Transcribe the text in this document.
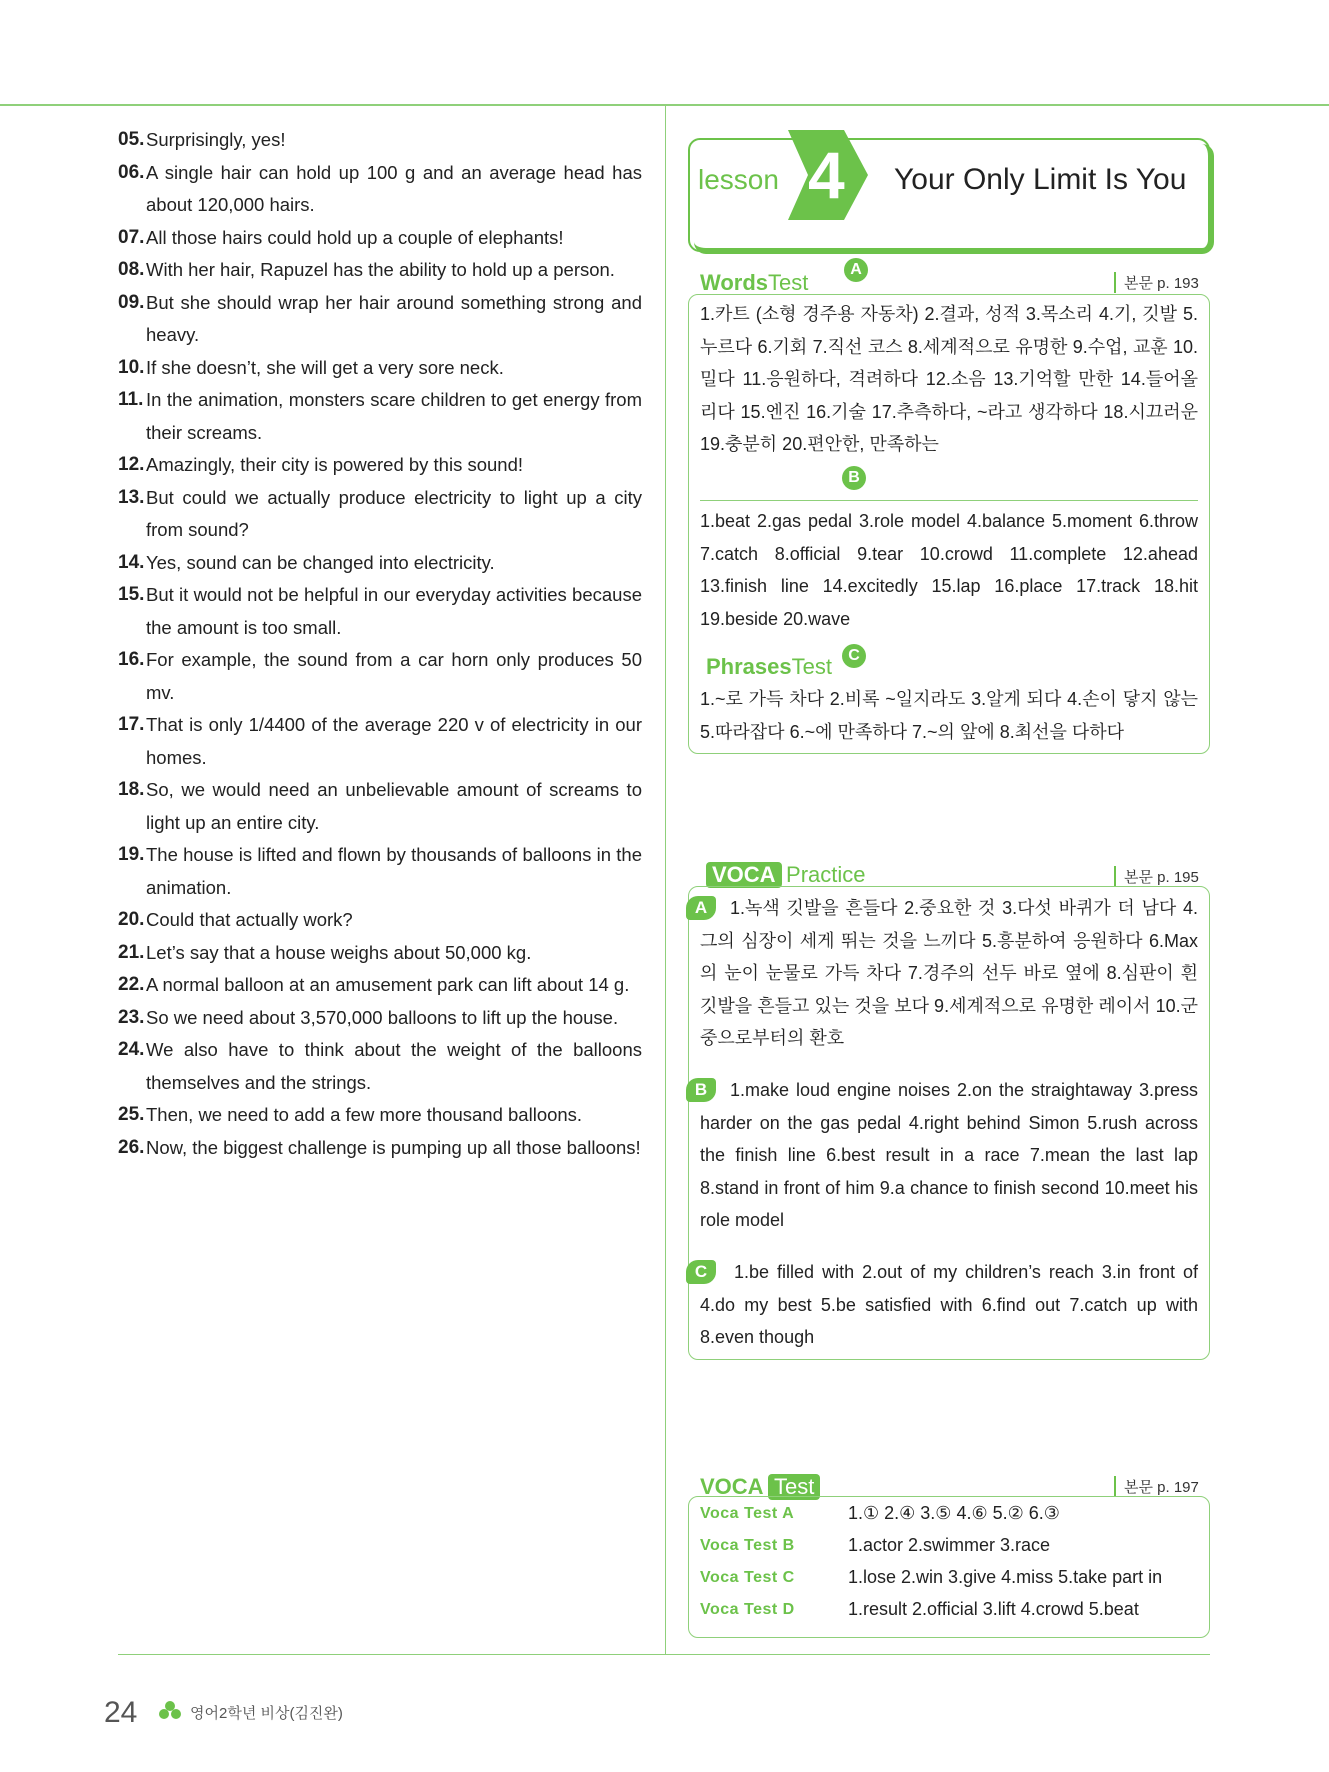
05. Surprisingly, yes!
06. A single hair can hold up 100 g and an average head has about 120,000 hairs.
07. All those hairs could hold up a couple of elephants!
08. With her hair, Rapuzel has the ability to hold up a person.
09. But she should wrap her hair around something strong and heavy.
10. If she doesn’t, she will get a very sore neck.
11. In the animation, monsters scare children to get energy from their screams.
12. Amazingly, their city is powered by this sound!
13. But could we actually produce electricity to light up a city from sound?
14. Yes, sound can be changed into electricity.
15. But it would not be helpful in our everyday activities because the amount is too small.
16. For example, the sound from a car horn only produces 50 mv.
17. That is only 1/4400 of the average 220 v of electricity in our homes.
18. So, we would need an unbelievable amount of screams to light up an entire city.
19. The house is lifted and flown by thousands of balloons in the animation.
20. Could that actually work?
21. Let’s say that a house weighs about 50,000 kg.
22. A normal balloon at an amusement park can lift about 14 g.
23. So we need about 3,570,000 balloons to lift up the house.
24. We also have to think about the weight of the balloons themselves and the strings.
25. Then, we need to add a few more thousand balloons.
26. Now, the biggest challenge is pumping up all those balloons!
lesson 4 Your Only Limit Is You
WordsTest
A
본문 p. 193
1.카트 (소형 경주용 자동차) 2.결과, 성적 3.목소리 4.기, 깃발 5.누르다 6.기회 7.직선 코스 8.세계적으로 유명한 9.수업, 교훈 10.밀다 11.응원하다, 격려하다 12.소음 13.기억할 만한 14.들어올리다 15.엔진 16.기술 17.추측하다, ~라고 생각하다 18.시끄러운 19.충분히 20.편안한, 만족하는
B
1.beat 2.gas pedal 3.role model 4.balance 5.moment 6.throw 7.catch 8.official 9.tear 10.crowd 11.complete 12.ahead 13.finish line 14.excitedly 15.lap 16.place 17.track 18.hit 19.beside 20.wave
PhrasesTest	C
1.~로 가득 차다 2.비록 ~일지라도 3.알게 되다 4.손이 닿지 않는 5.따라잡다 6.~에 만족하다 7.~의 앞에 8.최선을 다하다
VOCA Practice	본문 p. 195
A	1.녹색 깃발을 흔들다 2.중요한 것 3.다섯 바퀴가 더 남다 4.그의 심장이 세게 뛰는 것을 느끼다 5.흥분하여 응원하다 6.Max의 눈이 눈물로 가득 차다 7.경주의 선두 바로 옆에 8.심판이 흰 깃발을 흔들고 있는 것을 보다 9.세계적으로 유명한 레이서 10.군중으로부터의 환호
B	1.make loud engine noises 2.on the straightaway 3.press harder on the gas pedal 4.right behind Simon 5.rush across the finish line 6.best result in a race 7.mean the last lap 8.stand in front of him 9.a chance to finish second 10.meet his role model
C	1.be filled with 2.out of my children’s reach 3.in front of 4.do my best 5.be satisfied with 6.find out 7.catch up with 8.even though
VOCA Test	본문 p. 197
Voca Test A	1.① 2.④ 3.⑤ 4.⑥ 5.② 6.③
Voca Test B	1.actor 2.swimmer 3.race
Voca Test C	1.lose 2.win 3.give 4.miss 5.take part in
Voca Test D	1.result 2.official 3.lift 4.crowd 5.beat
24	영어2학년 비상(김진완)
